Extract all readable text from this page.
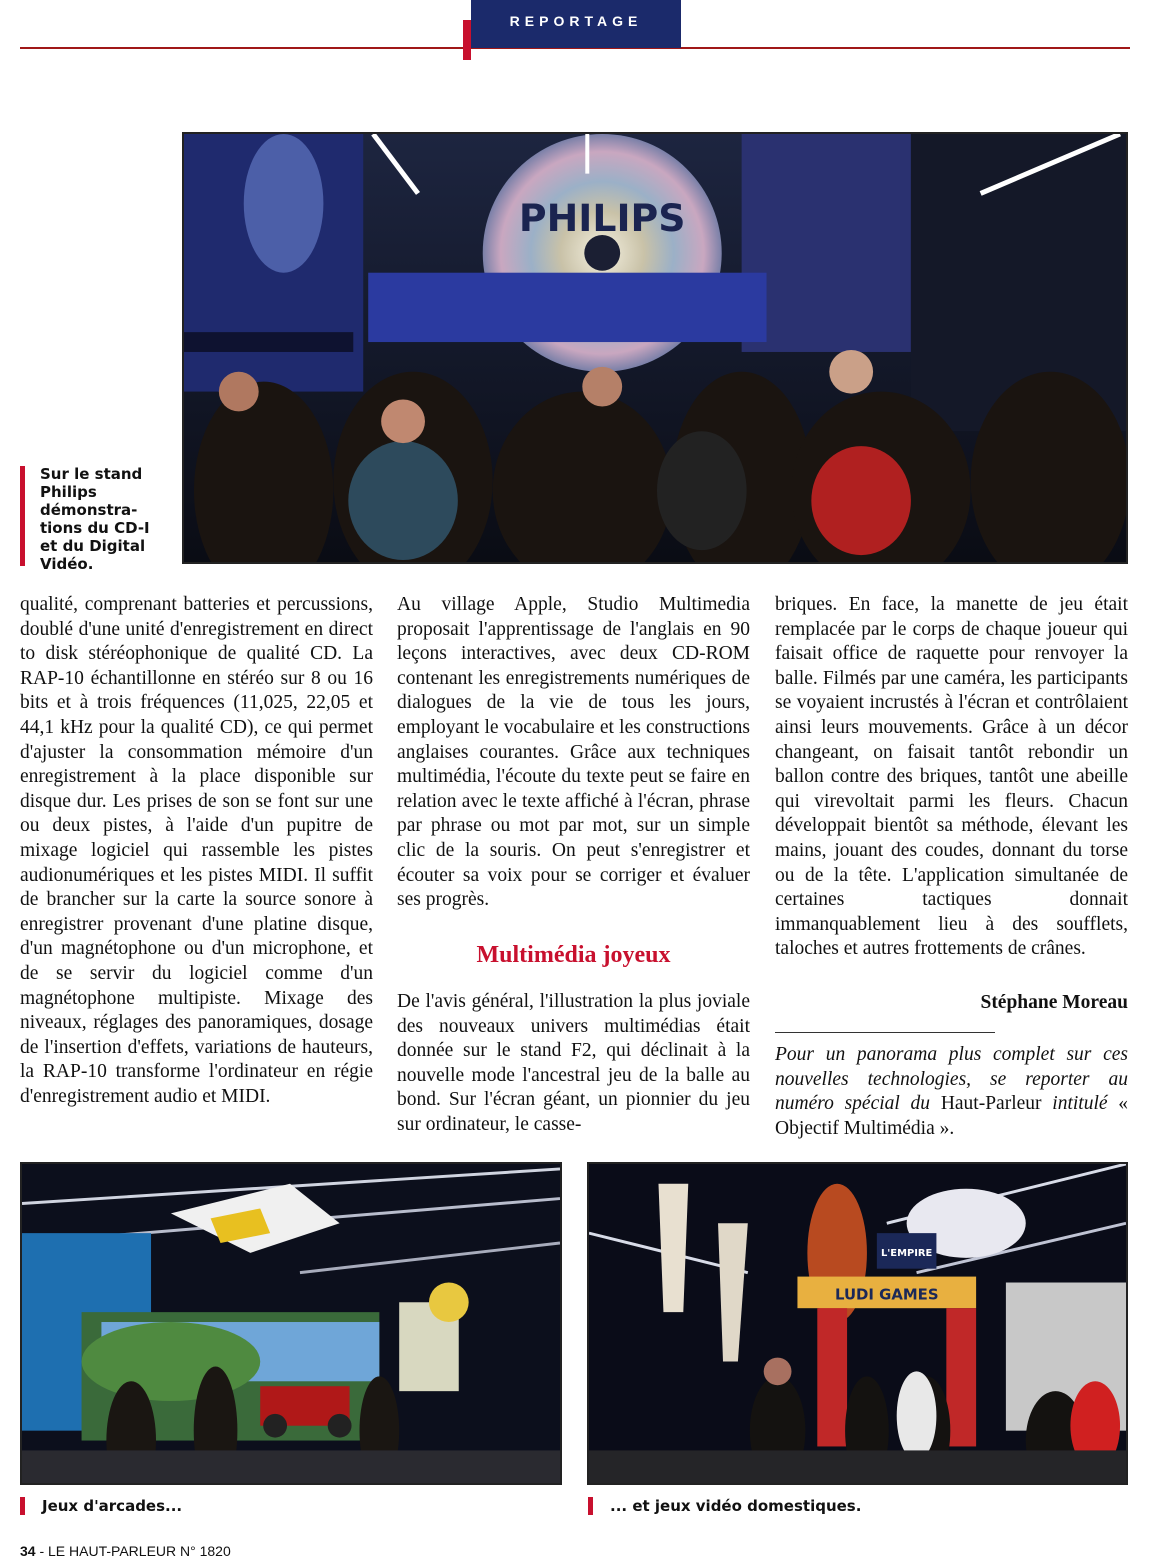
REPORTAGE
PHILIPS
Sur le stand Philips démonstra-tions du CD-I et du Digital Vidéo.

qualité, comprenant batteries et percussions, doublé d'une unité d'enregistrement en direct to disk stéréophonique de qualité CD. La RAP-10 échantillonne en stéréo sur 8 ou 16 bits et à trois fréquences (11,025, 22,05 et 44,1 kHz pour la qualité CD), ce qui permet d'ajuster la consommation mémoire d'un enregistrement à la place disponible sur disque dur. Les prises de son se font sur une ou deux pistes, à l'aide d'un pupitre de mixage logiciel qui rassemble les pistes audionumériques et les pistes MIDI. Il suffit de brancher sur la carte la source sonore à enregistrer provenant d'une platine disque, d'un magnétophone ou d'un microphone, et de se servir du logiciel comme d'un magnétophone multipiste. Mixage des niveaux, réglages des panoramiques, dosage de l'insertion d'effets, variations de hauteurs, la RAP-10 transforme l'ordinateur en régie d'enregistrement audio et MIDI.

Au village Apple, Studio Multimedia proposait l'apprentissage de l'anglais en 90 leçons interactives, avec deux CD-ROM contenant les enregistrements numériques de dialogues de la vie de tous les jours, employant le vocabulaire et les constructions anglaises courantes. Grâce aux techniques multimédia, l'écoute du texte peut se faire en relation avec le texte affiché à l'écran, phrase par phrase ou mot par mot, sur un simple clic de la souris. On peut s'enregistrer et écouter sa voix pour se corriger et évaluer ses progrès.

Multimédia joyeux

De l'avis général, l'illustration la plus joviale des nouveaux univers multimédias était donnée sur le stand F2, qui déclinait à la nouvelle mode l'ancestral jeu de la balle au bond. Sur l'écran géant, un pionnier du jeu sur ordinateur, le casse-

briques. En face, la manette de jeu était remplacée par le corps de chaque joueur qui faisait office de raquette pour renvoyer la balle. Filmés par une caméra, les participants se voyaient incrustés à l'écran et contrôlaient ainsi leurs mouvements. Grâce à un décor changeant, on faisait tantôt rebondir un ballon contre des briques, tantôt une abeille qui virevoltait parmi les fleurs. Chacun développait bientôt sa méthode, élevant les mains, jouant des coudes, donnant du torse ou de la tête. L'application simultanée de certaines tactiques donnait immanquablement lieu à des soufflets, taloches et autres frottements de crânes.

Stéphane Moreau
Pour un panorama plus complet sur ces nouvelles technologies, se reporter au numéro spécial du Haut-Parleur intitulé « Objectif Multimédia ».
L'EMPIRE
LUDI GAMES
Jeux d'arcades...	... et jeux vidéo domestiques.
34 - LE HAUT-PARLEUR N° 1820
